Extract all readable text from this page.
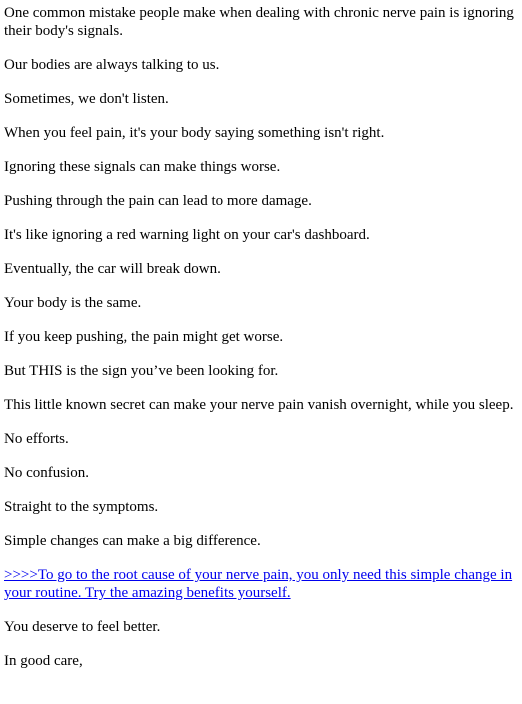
One common mistake people make when dealing with chronic nerve pain is ignoring their body's signals.

Our bodies are always talking to us.

Sometimes, we don't listen.

When you feel pain, it's your body saying something isn't right.

Ignoring these signals can make things worse.

Pushing through the pain can lead to more damage.

It's like ignoring a red warning light on your car's dashboard.

Eventually, the car will break down.

Your body is the same.

If you keep pushing, the pain might get worse.

But THIS is the sign you’ve been looking for.

This little known secret can make your nerve pain vanish overnight, while you sleep.

No efforts.

No confusion.

Straight to the symptoms.

Simple changes can make a big difference.

>>>>To go to the root cause of your nerve pain, you only need this simple change in your routine. Try the amazing benefits yourself.

You deserve to feel better.

In good care,
